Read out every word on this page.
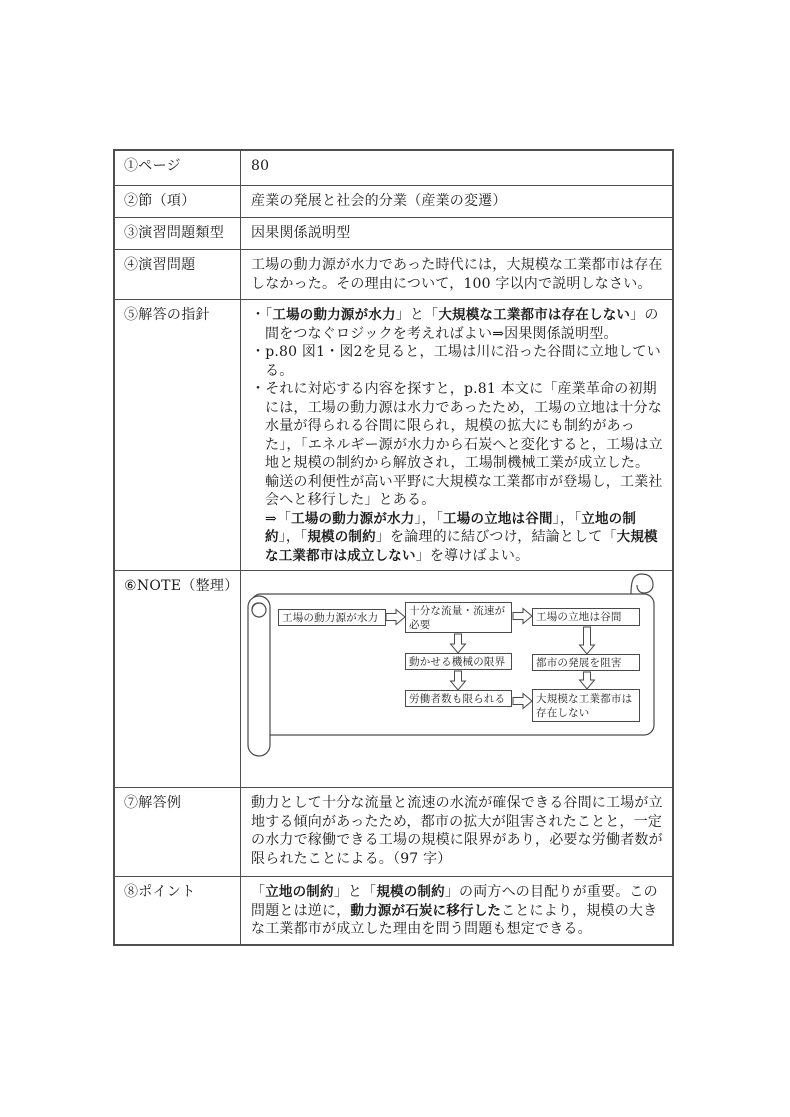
①ページ	80
②節（項）	産業の発展と社会的分業（産業の変遷）
③演習問題類型	因果関係説明型
④演習問題	工場の動力源が水力であった時代には，大規模な工業都市は存在しなかった。その理由について，100 字以内で説明しなさい。
⑤解答の指針	・「工場の動力源が水力」と「大規模な工業都市は存在しない」の間をつなぐロジックを考えればよい⇒因果関係説明型。

・p.80 図1・図2を見ると，工場は川に沿った谷間に立地している。

・それに対応する内容を探すと，p.81 本文に「産業革命の初期には，工場の動力源は水力であったため，工場の立地は十分な水量が得られる谷間に限られ，規模の拡大にも制約があった」，「エネルギー源が水力から石炭へと変化すると，工場は立地と規模の制約から解放され，工場制機械工業が成立した。輸送の利便性が高い平野に大規模な工業都市が登場し，工業社会へと移行した」とある。

⇒「工場の動力源が水力」，「工場の立地は谷間」，「立地の制約」，「規模の制約」を論理的に結びつけ，結論として「大規模な工業都市は成立しない」を導けばよい。

⑥NOTE（整理）
工場の動力源が水力
十分な流量・流速が必要
工場の立地は谷間
動かせる機械の限界	都市の発展を阻害
労働者数も限られる	大規模な工業都市は存在しない
⑦解答例	動力として十分な流量と流速の水流が確保できる谷間に工場が立地する傾向があったため，都市の拡大が阻害されたことと，一定の水力で稼働できる工場の規模に限界があり，必要な労働者数が限られたことによる。（97 字）
⑧ポイント	「立地の制約」と「規模の制約」の両方への目配りが重要。この問題とは逆に，動力源が石炭に移行したことにより，規模の大きな工業都市が成立した理由を問う問題も想定できる。
